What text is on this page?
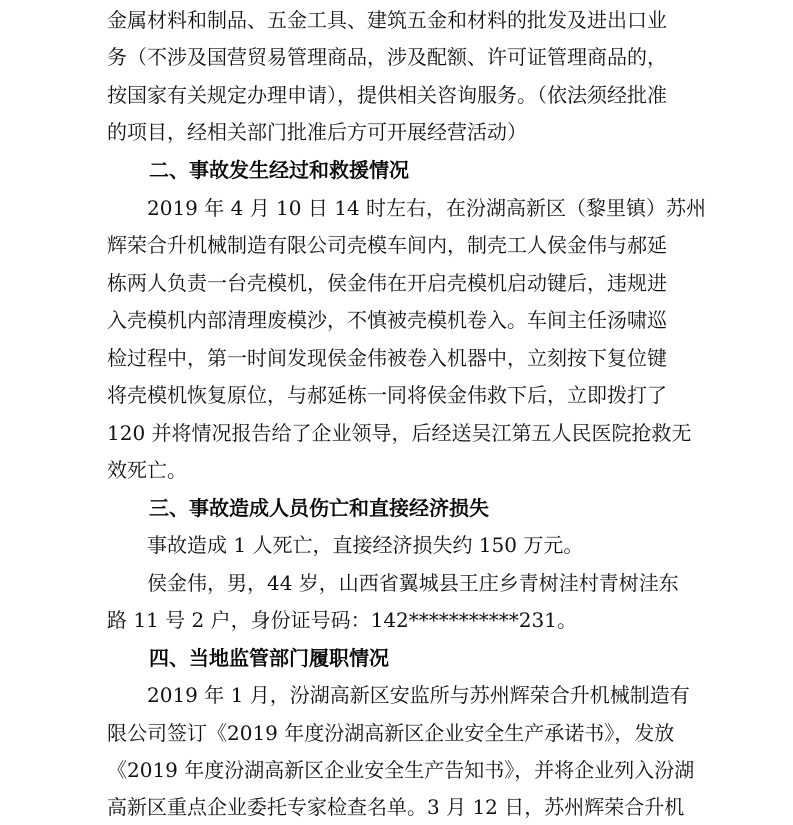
金属材料和制品、五金工具、建筑五金和材料的批发及进出口业

务（不涉及国营贸易管理商品，涉及配额、许可证管理商品的，

按国家有关规定办理申请），提供相关咨询服务。（依法须经批准

的项目，经相关部门批准后方可开展经营活动）

二、事故发生经过和救援情况

2019 年 4 月 10 日 14 时左右，在汾湖高新区（黎里镇）苏州

辉荣合升机械制造有限公司壳模车间内，制壳工人侯金伟与郝延

栋两人负责一台壳模机，侯金伟在开启壳模机启动键后，违规进

入壳模机内部清理废模沙，不慎被壳模机卷入。车间主任汤啸巡

检过程中，第一时间发现侯金伟被卷入机器中，立刻按下复位键

将壳模机恢复原位，与郝延栋一同将侯金伟救下后，立即拨打了

120 并将情况报告给了企业领导，后经送吴江第五人民医院抢救无

效死亡。

三、事故造成人员伤亡和直接经济损失

事故造成 1 人死亡，直接经济损失约 150 万元。

侯金伟，男，44 岁，山西省翼城县王庄乡青树洼村青树洼东

路 11 号 2 户，身份证号码：142***********231。

四、当地监管部门履职情况

2019 年 1 月，汾湖高新区安监所与苏州辉荣合升机械制造有

限公司签订《2019 年度汾湖高新区企业安全生产承诺书》，发放

《2019 年度汾湖高新区企业安全生产告知书》，并将企业列入汾湖

高新区重点企业委托专家检查名单。3 月 12 日，苏州辉荣合升机
